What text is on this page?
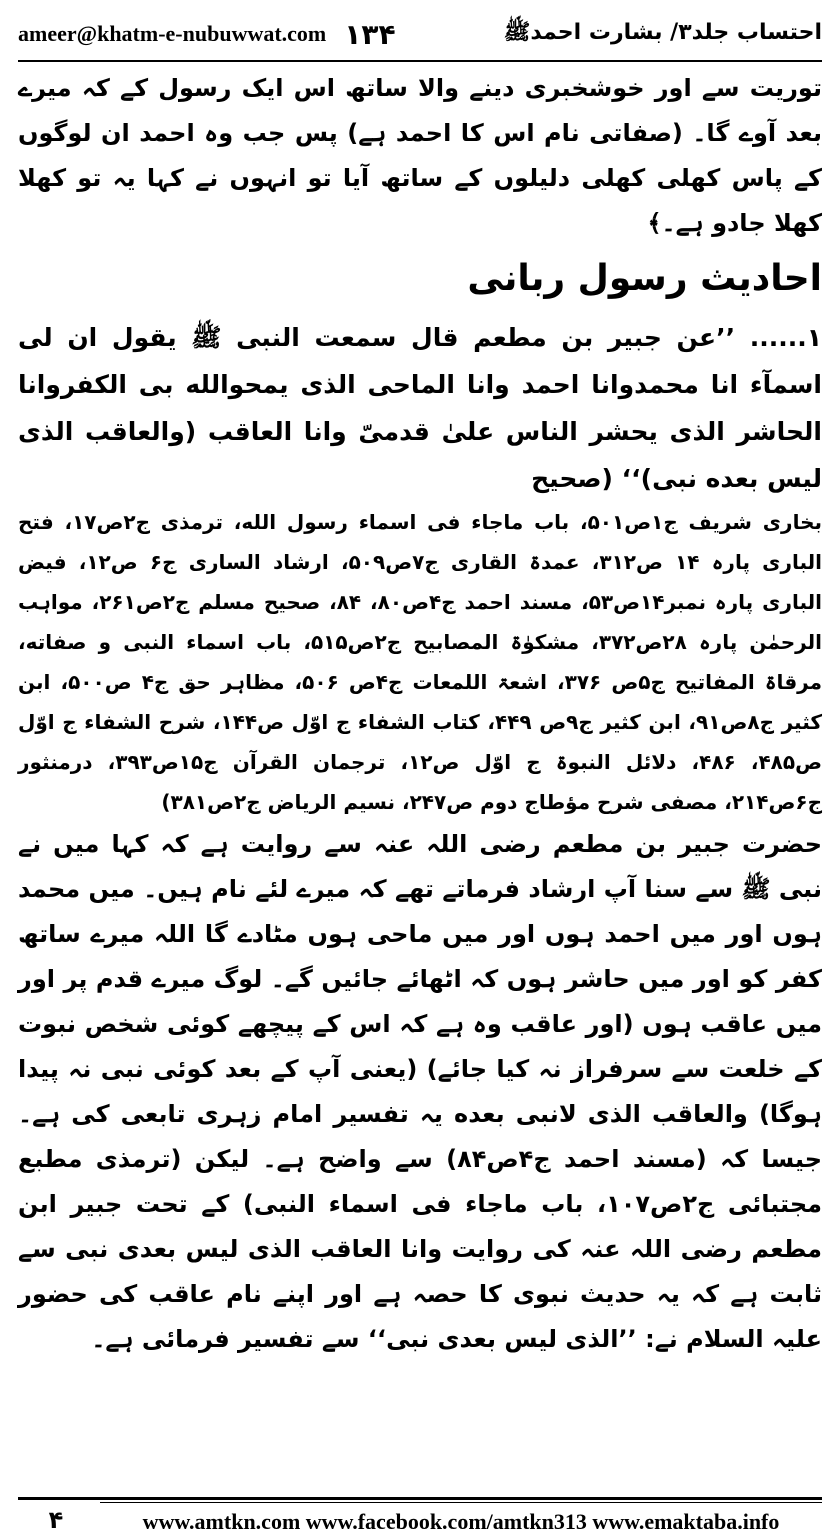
ameer@khatm-e-nubuwwat.com ۱۳۴	احتساب جلد۳/ بشارت احمدﷺ

توریت سے اور خوشخبری دینے والا ساتھ اس ایک رسول کے کہ میرے بعد آوے گا۔ (صفاتی نام اس کا احمد ہے) پس جب وہ احمد ان لوگوں کے پاس کھلی کھلی دلیلوں کے ساتھ آیا تو انہوں نے کہا یہ تو کھلا کھلا جادو ہے۔﴾

احادیث رسول ربانی

۱...... ’’عن جبیر بن مطعم قال سمعت النبی ﷺ یقول ان لی اسمآء انا محمدوانا احمد وانا الماحی الذی یمحوالله بی الکفروانا الحاشر الذی یحشر الناس علیٰ قدمیّ وانا العاقب (والعاقب الذی لیس بعده نبی)‘‘ (صحیح

بخاری شریف ج۱ص۵۰۱، باب ماجاء فی اسماء رسول الله، ترمذی ج۲ص۱۷، فتح الباری پارہ ۱۴ ص۳۱۲، عمدۃ القاری ج۷ص۵۰۹، ارشاد الساری ج۶ ص۱۲، فیض الباری پارہ نمبر۱۴ص۵۳، مسند احمد ج۴ص۸۰، ۸۴، صحیح مسلم ج۲ص۲۶۱، مواہب الرحمٰن پارہ ۲۸ص۳۷۲، مشکوٰۃ المصابیح ج۲ص۵۱۵، باب اسماء النبی و صفاته، مرقاۃ المفاتیح ج۵ص ۳۷۶، اشعۃ اللمعات ج۴ص ۵۰۶، مظاہر حق ج۴ ص۵۰۰، ابن کثیر ج۸ص۹۱، ابن کثیر ج۹ص ۴۴۹، کتاب الشفاء ج اوّل ص۱۴۴، شرح الشفاء ج اوّل ص۴۸۵، ۴۸۶، دلائل النبوۃ ج اوّل ص۱۲، ترجمان القرآن ج۱۵ص۳۹۳، درمنثور ج۶ص۲۱۴، مصفی شرح مؤطاج دوم ص۲۴۷، نسیم الریاض ج۲ص۳۸۱)

حضرت جبیر بن مطعم رضی اللہ عنہ سے روایت ہے کہ کہا میں نے نبی ﷺ سے سنا آپ ارشاد فرماتے تھے کہ میرے لئے نام ہیں۔ میں محمد ہوں اور میں احمد ہوں اور میں ماحی ہوں مٹادے گا اللہ میرے ساتھ کفر کو اور میں حاشر ہوں کہ اٹھائے جائیں گے۔ لوگ میرے قدم پر اور میں عاقب ہوں (اور عاقب وہ ہے کہ اس کے پیچھے کوئی شخص نبوت کے خلعت سے سرفراز نہ کیا جائے) (یعنی آپ کے بعد کوئی نبی نہ پیدا ہوگا) والعاقب الذی لانبی بعده یہ تفسیر امام زہری تابعی کی ہے۔ جیسا کہ (مسند احمد ج۴ص۸۴) سے واضح ہے۔ لیکن (ترمذی مطبع مجتبائی ج۲ص۱۰۷، باب ماجاء فی اسماء النبی) کے تحت جبیر ابن مطعم رضی اللہ عنہ کی روایت وانا العاقب الذی لیس بعدی نبی سے ثابت ہے کہ یہ حدیث نبوی کا حصہ ہے اور اپنے نام عاقب کی حضور علیہ السلام نے: ’’الذی لیس بعدی نبی‘‘ سے تفسیر فرمائی ہے۔

۴	www.amtkn.com www.facebook.com/amtkn313 www.emaktaba.info
